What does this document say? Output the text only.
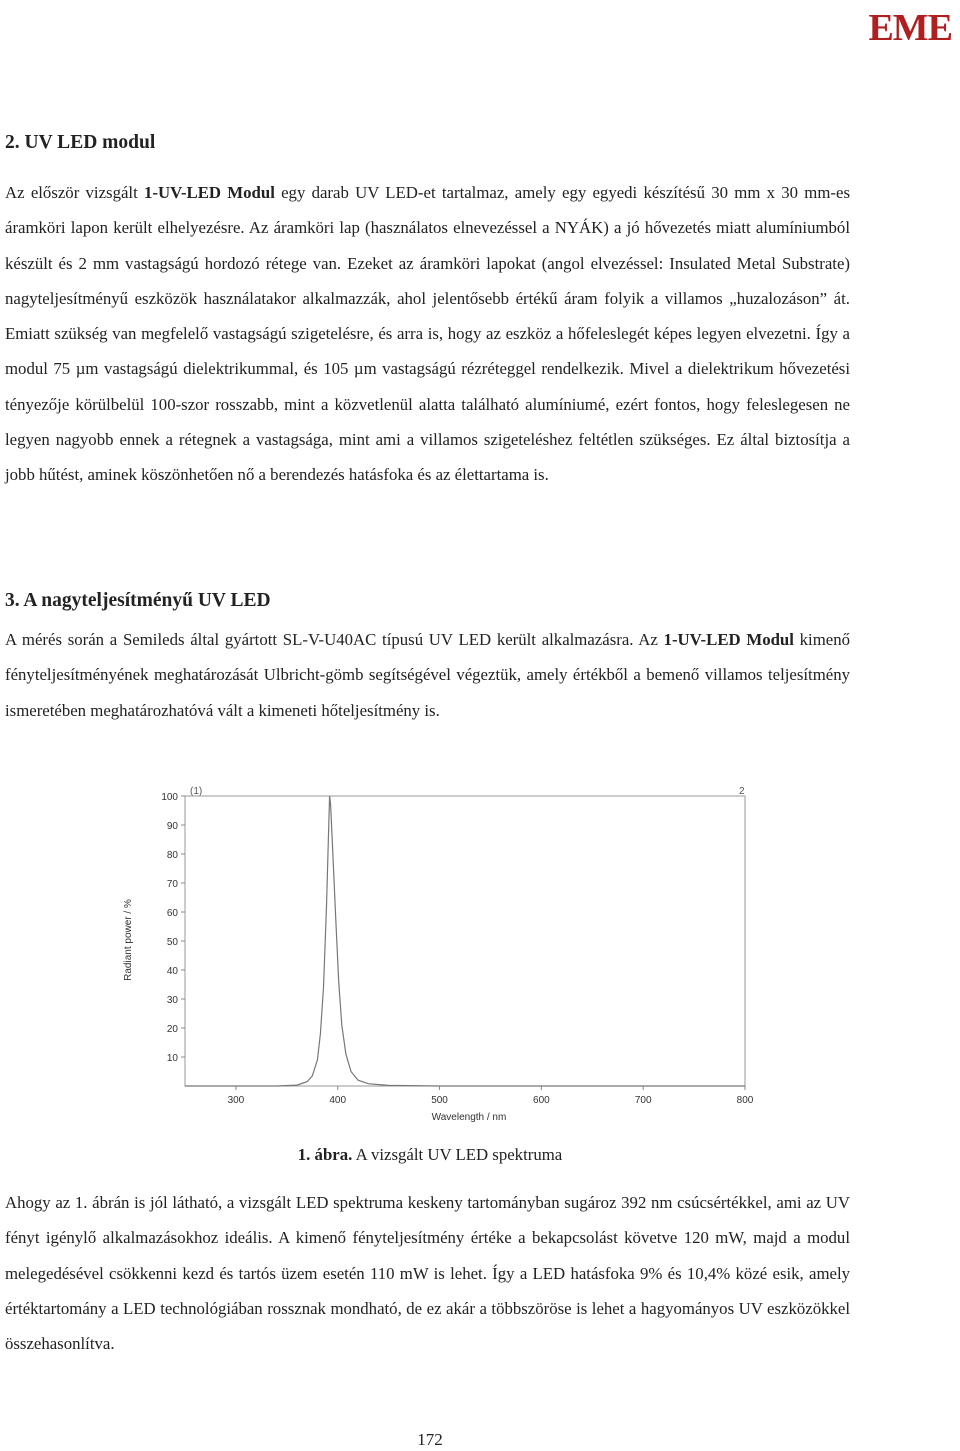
EME
2. UV LED modul

Az először vizsgált 1-UV-LED Modul egy darab UV LED-et tartalmaz, amely egy egyedi készítésű 30 mm x 30 mm-es áramköri lapon került elhelyezésre. Az áramköri lap (használatos elnevezéssel a NYÁK) a jó hővezetés miatt alumíniumból készült és 2 mm vastagságú hordozó rétege van. Ezeket az áramköri lapokat (angol elvezéssel: Insulated Metal Substrate) nagyteljesítményű eszközök használatakor alkalmazzák, ahol jelentősebb értékű áram folyik a villamos „huzalozáson” át. Emiatt szükség van megfelelő vastagságú szigetelésre, és arra is, hogy az eszköz a hőfeleslegét képes legyen elvezetni. Így a modul 75 µm vastagságú dielektrikummal, és 105 µm vastagságú rézréteggel rendelkezik. Mivel a dielektrikum hővezetési tényezője körülbelül 100-szor rosszabb, mint a közvetlenül alatta található alumíniumé, ezért fontos, hogy feleslegesen ne legyen nagyobb ennek a rétegnek a vastagsága, mint ami a villamos szigeteléshez feltétlen szükséges. Ez által biztosítja a jobb hűtést, aminek köszönhetően nő a berendezés hatásfoka és az élettartama is.

3. A nagyteljesítményű UV LED

A mérés során a Semileds által gyártott SL-V-U40AC típusú UV LED került alkalmazásra. Az 1-UV-LED Modul kimenő fényteljesítményének meghatározását Ulbricht-gömb segítségével végeztük, amely értékből a bemenő villamos teljesítmény ismeretében meghatározhatóvá vált a kimeneti hőteljesítmény is.

(1)	2
Radiant power / %
Wavelength / nm
10
20
30
40
50
60
70
80
90
100
300	400	500	600	700	800
1. ábra. A vizsgált UV LED spektruma

Ahogy az 1. ábrán is jól látható, a vizsgált LED spektruma keskeny tartományban sugároz 392 nm csúcsértékkel, ami az UV fényt igénylő alkalmazásokhoz ideális. A kimenő fényteljesítmény értéke a bekapcsolást követve 120 mW, majd a modul melegedésével csökkenni kezd és tartós üzem esetén 110 mW is lehet. Így a LED hatásfoka 9% és 10,4% közé esik, amely értéktartomány a LED technológiában rossznak mondható, de ez akár a többszöröse is lehet a hagyományos UV eszközökkel összehasonlítva.

172
